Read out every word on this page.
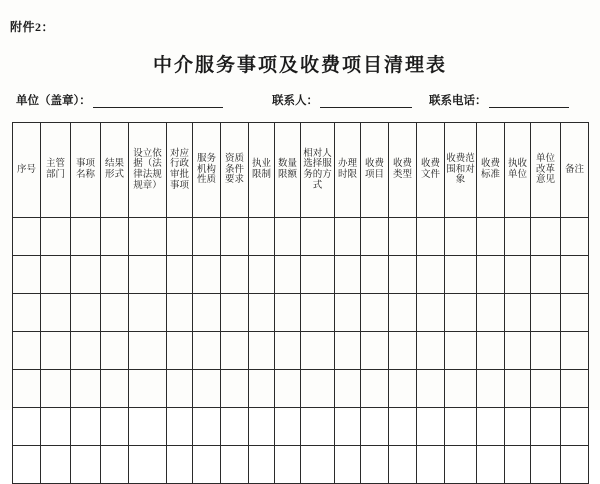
附件2：
中介服务事项及收费项目清理表
单位（盖章）：	联系人：	联系电话：
序号	主管部门	事项名称	结果形式	设立依据（法律法规规章）	对应行政审批事项	服务机构性质	资质条件要求	执业限制	数量限额	相对人选择服务的方式	办理时限	收费项目	收费类型	收费文件	收费范围和对象	收费标准	执收单位	单位改革意见	备注
